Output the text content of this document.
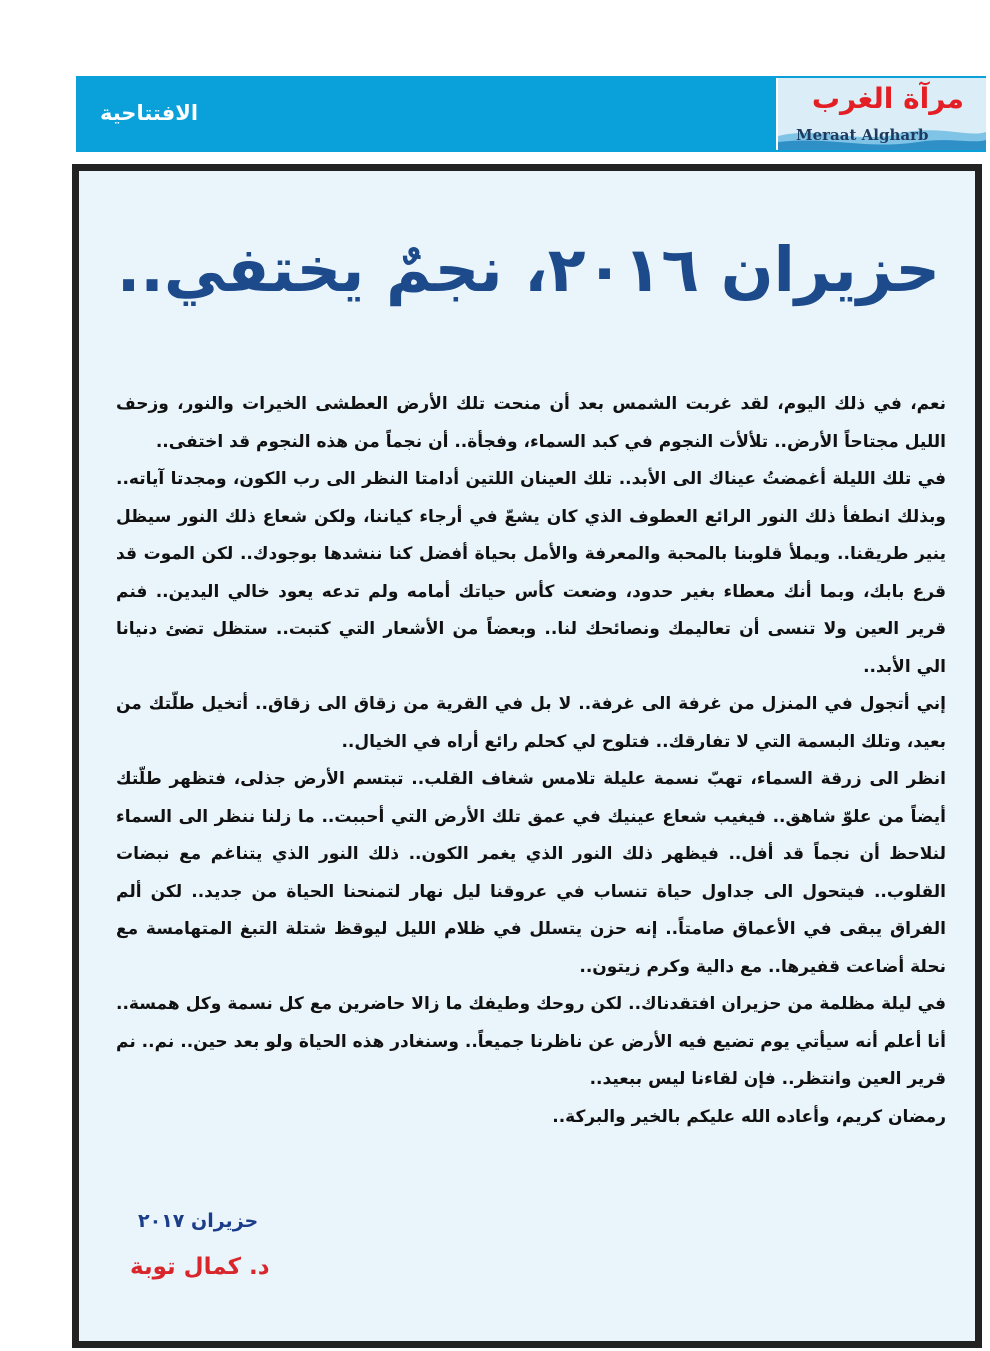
الافتتاحية	مرآة الغرب
Meraat Algharb
حزيران ٢٠١٦، نجمٌ يختفي..

نعم، في ذلك اليوم، لقد غربت الشمس بعد أن منحت تلك الأرض العطشى الخيرات والنور، وزحف الليل مجتاحاً الأرض.. تلألأت النجوم في كبد السماء، وفجأة.. أن نجماً من هذه النجوم قد اختفى..

في تلك الليلة أغمضتُ عيناك الى الأبد.. تلك العينان اللتين أدامتا النظر الى رب الكون، ومجدتا آياته.. وبذلك انطفأ ذلك النور الرائع العطوف الذي كان يشعّ في أرجاء كياننا، ولكن شعاع ذلك النور سيظل ينير طريقنا.. ويملأ قلوبنا بالمحبة والمعرفة والأمل بحياة أفضل كنا ننشدها بوجودك.. لكن الموت قد قرع بابك، وبما أنك معطاء بغير حدود، وضعت كأس حياتك أمامه ولم تدعه يعود خالي اليدين.. فنم قرير العين ولا تنسى أن تعاليمك ونصائحك لنا.. وبعضاً من الأشعار التي كتبت.. ستظل تضئ دنيانا الي الأبد..

إني أتجول في المنزل من غرفة الى غرفة.. لا بل في القرية من زقاق الى زقاق.. أتخيل طلّتك من بعيد، وتلك البسمة التي لا تفارقك.. فتلوح لي كحلم رائع أراه في الخيال..

انظر الى زرقة السماء، تهبّ نسمة عليلة تلامس شغاف القلب.. تبتسم الأرض جذلى، فتظهر طلّتك أيضاً من علوّ شاهق.. فيغيب شعاع عينيك في عمق تلك الأرض التي أحببت.. ما زلنا ننظر الى السماء لنلاحظ أن نجماً قد أفل.. فيظهر ذلك النور الذي يغمر الكون.. ذلك النور الذي يتناغم مع نبضات القلوب.. فيتحول الى جداول حياة تنساب في عروقنا ليل نهار لتمنحنا الحياة من جديد.. لكن ألم الفراق يبقى في الأعماق صامتاً.. إنه حزن يتسلل في ظلام الليل ليوقظ شتلة التبغ المتهامسة مع نحلة أضاعت قفيرها.. مع دالية وكرم زيتون..

في ليلة مظلمة من حزيران افتقدناك.. لكن روحك وطيفك ما زالا حاضرين مع كل نسمة وكل همسة.. أنا أعلم أنه سيأتي يوم تضيع فيه الأرض عن ناظرنا جميعاً.. وسنغادر هذه الحياة ولو بعد حين.. نم.. نم قرير العين وانتظر.. فإن لقاءنا ليس ببعيد..

رمضان كريم، وأعاده الله عليكم بالخير والبركة..

حزيران ٢٠١٧
د. كمال توبة
